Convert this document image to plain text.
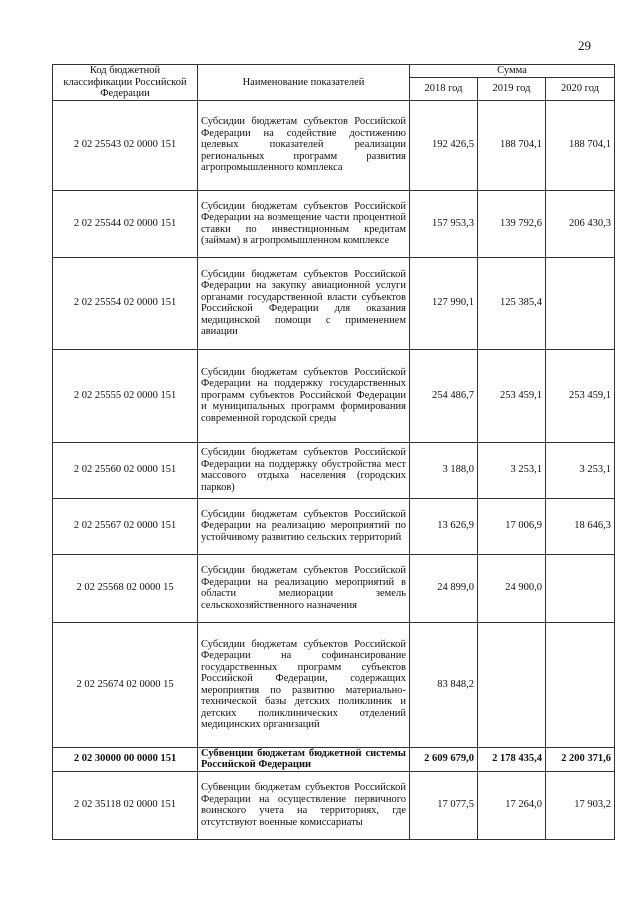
29
Код бюджетной классификации Российской Федерации	Наименование показателей	Сумма		
		2018 год	2019 год	2020 год
2 02 25543 02 0000 151	Субсидии бюджетам субъектов Российской Федерации на содействие достижению целевых показателей реализации региональных программ развития агропромышленного комплекса	192 426,5	188 704,1	188 704,1
2 02 25544 02 0000 151	Субсидии бюджетам субъектов Российской Федерации на возмещение части процентной ставки по инвестиционным кредитам (займам) в агропромышленном комплексе	157 953,3	139 792,6	206 430,3
2 02 25554 02 0000 151	Субсидии бюджетам субъектов Российской Федерации на закупку авиационной услуги органами государственной власти субъектов Российской Федерации для оказания медицинской помощи с применением авиации	127 990,1	125 385,4	
2 02 25555 02 0000 151	Субсидии бюджетам субъектов Российской Федерации на поддержку государственных программ субъектов Российской Федерации и муниципальных программ формирования современной городской среды	254 486,7	253 459,1	253 459,1
2 02 25560 02 0000 151	Субсидии бюджетам субъектов Российской Федерации на поддержку обустройства мест массового отдыха населения (городских парков)	3 188,0	3 253,1	3 253,1
2 02 25567 02 0000 151	Субсидии бюджетам субъектов Российской Федерации на реализацию мероприятий по устойчивому развитию сельских территорий	13 626,9	17 006,9	18 646,3
2 02 25568 02 0000 15	Субсидии бюджетам субъектов Российской Федерации на реализацию мероприятий в области мелиорации земель сельскохозяйственного назначения	24 899,0	24 900,0	
2 02 25674 02 0000 15	Субсидии бюджетам субъектов Российской Федерации на софинансирование государственных программ субъектов Российской Федерации, содержащих мероприятия по развитию материально-технической базы детских поликлиник и детских поликлинических отделений медицинских организаций	83 848,2		
2 02 30000 00 0000 151	Субвенции бюджетам бюджетной системы Российской Федерации	2 609 679,0	2 178 435,4	2 200 371,6
2 02 35118 02 0000 151	Субвенции бюджетам субъектов Российской Федерации на осуществление первичного воинского учета на территориях, где отсутствуют военные комиссариаты	17 077,5	17 264,0	17 903,2
